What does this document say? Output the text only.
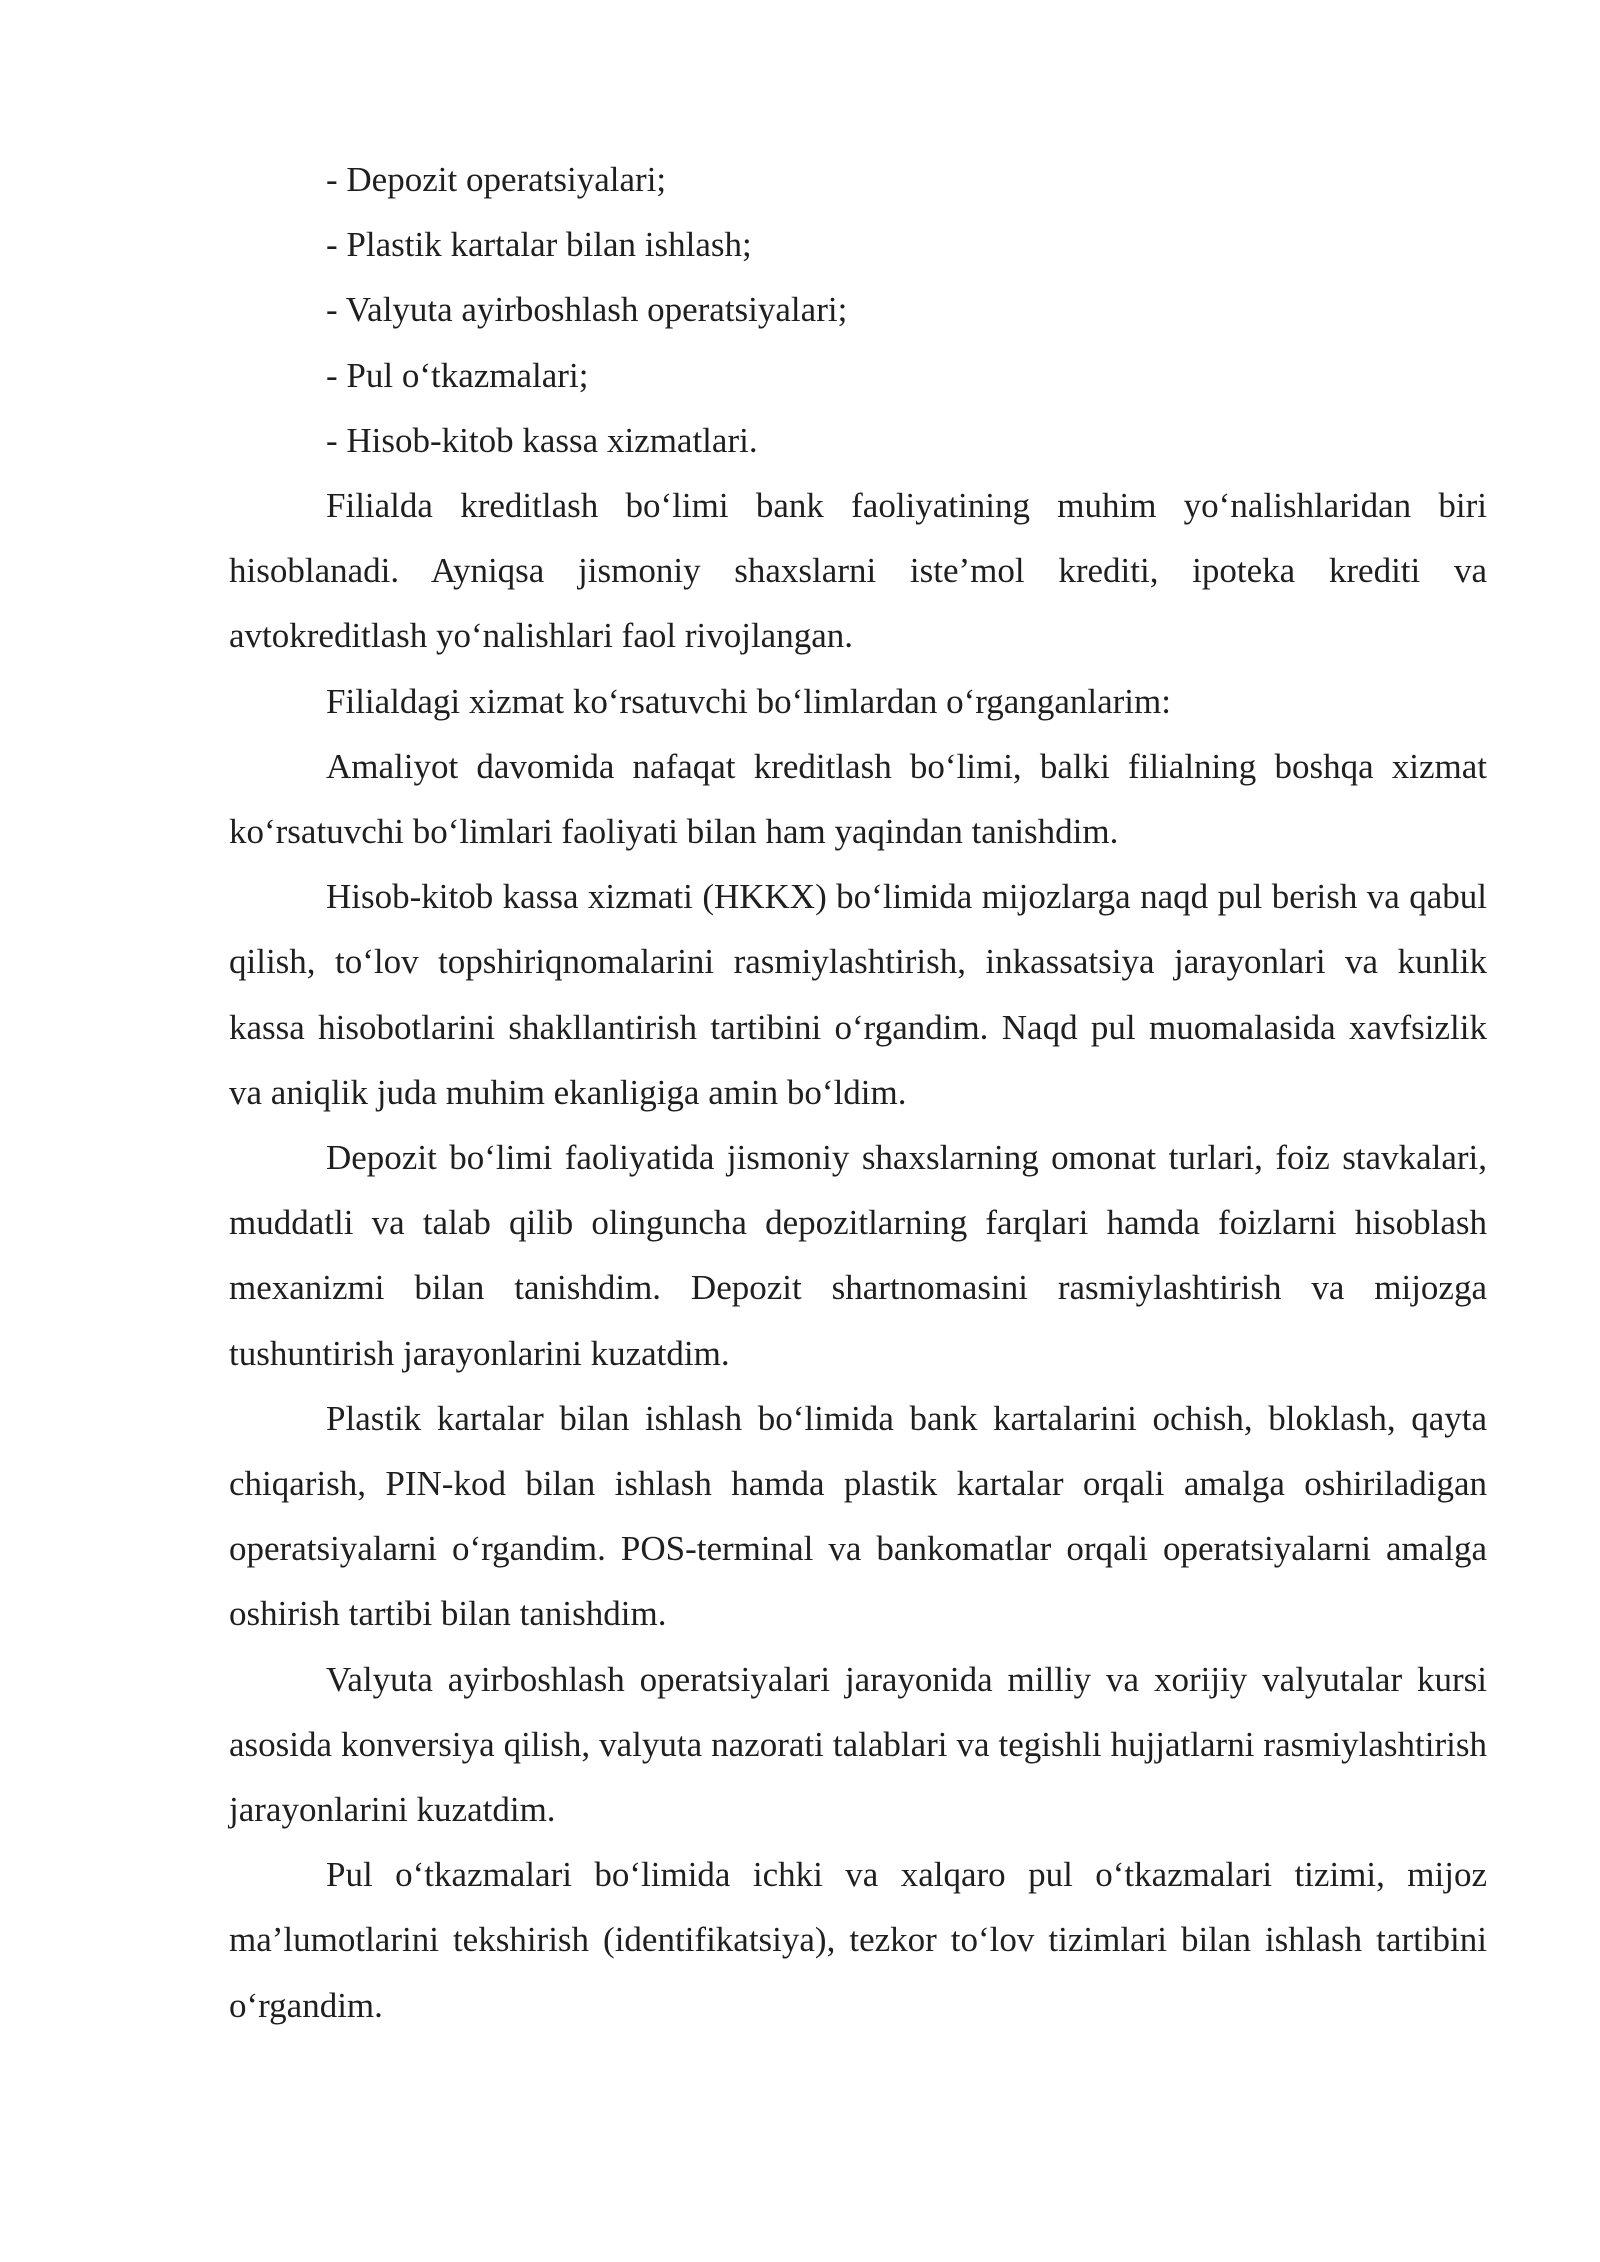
- Depozit operatsiyalari;

- Plastik kartalar bilan ishlash;

- Valyuta ayirboshlash operatsiyalari;

- Pul o‘tkazmalari;

- Hisob-kitob kassa xizmatlari.

Filialda kreditlash bo‘limi bank faoliyatining muhim yo‘nalishlaridan biri hisoblanadi. Ayniqsa jismoniy shaxslarni iste’mol krediti, ipoteka krediti va avtokreditlash yo‘nalishlari faol rivojlangan.

Filialdagi xizmat ko‘rsatuvchi bo‘limlardan o‘rganganlarim:

Amaliyot davomida nafaqat kreditlash bo‘limi, balki filialning boshqa xizmat ko‘rsatuvchi bo‘limlari faoliyati bilan ham yaqindan tanishdim.

Hisob-kitob kassa xizmati (HKKX) bo‘limida mijozlarga naqd pul berish va qabul qilish, to‘lov topshiriqnomalarini rasmiylashtirish, inkassatsiya jarayonlari va kunlik kassa hisobotlarini shakllantirish tartibini o‘rgandim. Naqd pul muomalasida xavfsizlik va aniqlik juda muhim ekanligiga amin bo‘ldim.

Depozit bo‘limi faoliyatida jismoniy shaxslarning omonat turlari, foiz stavkalari, muddatli va talab qilib olinguncha depozitlarning farqlari hamda foizlarni hisoblash mexanizmi bilan tanishdim. Depozit shartnomasini rasmiylashtirish va mijozga tushuntirish jarayonlarini kuzatdim.

Plastik kartalar bilan ishlash bo‘limida bank kartalarini ochish, bloklash, qayta chiqarish, PIN-kod bilan ishlash hamda plastik kartalar orqali amalga oshiriladigan operatsiyalarni o‘rgandim. POS-terminal va bankomatlar orqali operatsiyalarni amalga oshirish tartibi bilan tanishdim.

Valyuta ayirboshlash operatsiyalari jarayonida milliy va xorijiy valyutalar kursi asosida konversiya qilish, valyuta nazorati talablari va tegishli hujjatlarni rasmiylashtirish jarayonlarini kuzatdim.

Pul o‘tkazmalari bo‘limida ichki va xalqaro pul o‘tkazmalari tizimi, mijoz ma’lumotlarini tekshirish (identifikatsiya), tezkor to‘lov tizimlari bilan ishlash tartibini o‘rgandim.
